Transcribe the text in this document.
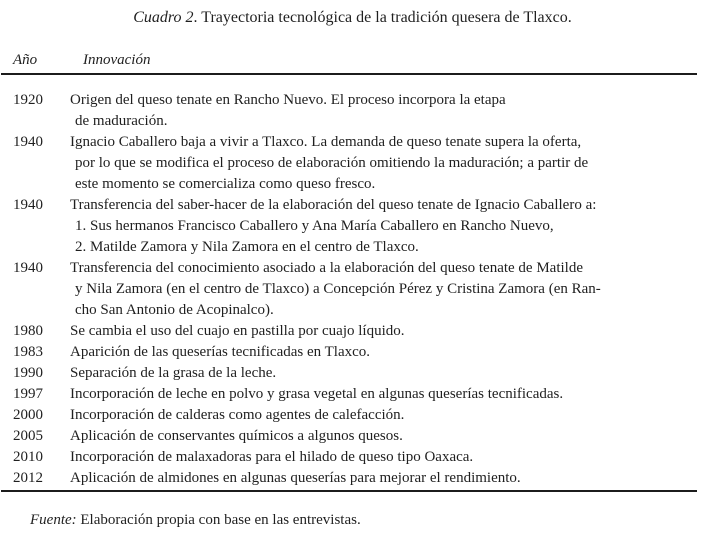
Cuadro 2. Trayectoria tecnológica de la tradición quesera de Tlaxco.
Año	Innovación
1920	Origen del queso tenate en Rancho Nuevo. El proceso incorpora la etapa
de maduración.
1940	Ignacio Caballero baja a vivir a Tlaxco. La demanda de queso tenate supera la oferta,
por lo que se modifica el proceso de elaboración omitiendo la maduración; a partir de
este momento se comercializa como queso fresco.
1940	Transferencia del saber-hacer de la elaboración del queso tenate de Ignacio Caballero a:
1. Sus hermanos Francisco Caballero y Ana María Caballero en Rancho Nuevo,
2. Matilde Zamora y Nila Zamora en el centro de Tlaxco.
1940	Transferencia del conocimiento asociado a la elaboración del queso tenate de Matilde
y Nila Zamora (en el centro de Tlaxco) a Concepción Pérez y Cristina Zamora (en Ran-
cho San Antonio de Acopinalco).
1980	Se cambia el uso del cuajo en pastilla por cuajo líquido.
1983	Aparición de las queserías tecnificadas en Tlaxco.
1990	Separación de la grasa de la leche.
1997	Incorporación de leche en polvo y grasa vegetal en algunas queserías tecnificadas.
2000	Incorporación de calderas como agentes de calefacción.
2005	Aplicación de conservantes químicos a algunos quesos.
2010	Incorporación de malaxadoras para el hilado de queso tipo Oaxaca.
2012	Aplicación de almidones en algunas queserías para mejorar el rendimiento.
Fuente: Elaboración propia con base en las entrevistas.
